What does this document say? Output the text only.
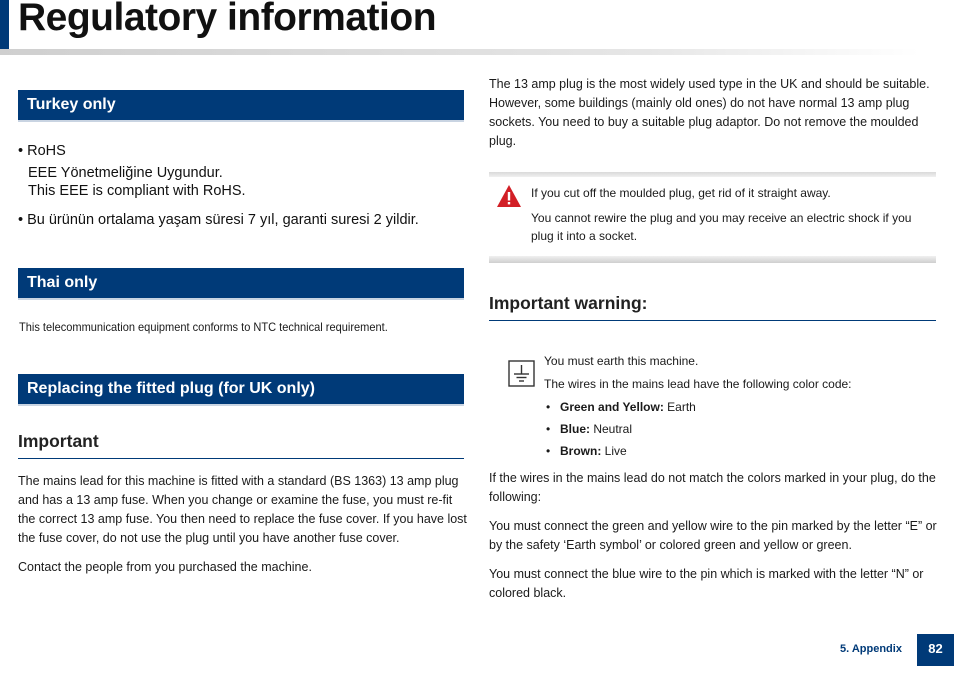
Regulatory information
Turkey only
• RoHS
EEE Yönetmeliğine Uygundur.
This EEE is compliant with RoHS.
• Bu ürünün ortalama yaşam süresi 7 yıl, garanti suresi 2 yildir.
Thai only
This telecommunication equipment conforms to NTC technical requirement.
Replacing the fitted plug (for UK only)
Important
The mains lead for this machine is fitted with a standard (BS 1363) 13 amp plug and has a 13 amp fuse. When you change or examine the fuse, you must re-fit the correct 13 amp fuse. You then need to replace the fuse cover. If you have lost the fuse cover, do not use the plug until you have another fuse cover.
Contact the people from you purchased the machine.
The 13 amp plug is the most widely used type in the UK and should be suitable. However, some buildings (mainly old ones) do not have normal 13 amp plug sockets. You need to buy a suitable plug adaptor. Do not remove the moulded plug.
If you cut off the moulded plug, get rid of it straight away.
You cannot rewire the plug and you may receive an electric shock if you plug it into a socket.
Important warning:
You must earth this machine.
The wires in the mains lead have the following color code:
• Green and Yellow: Earth
• Blue: Neutral
• Brown: Live
If the wires in the mains lead do not match the colors marked in your plug, do the following:
You must connect the green and yellow wire to the pin marked by the letter “E” or by the safety ‘Earth symbol’ or colored green and yellow or green.
You must connect the blue wire to the pin which is marked with the letter “N” or colored black.
5. Appendix	82
